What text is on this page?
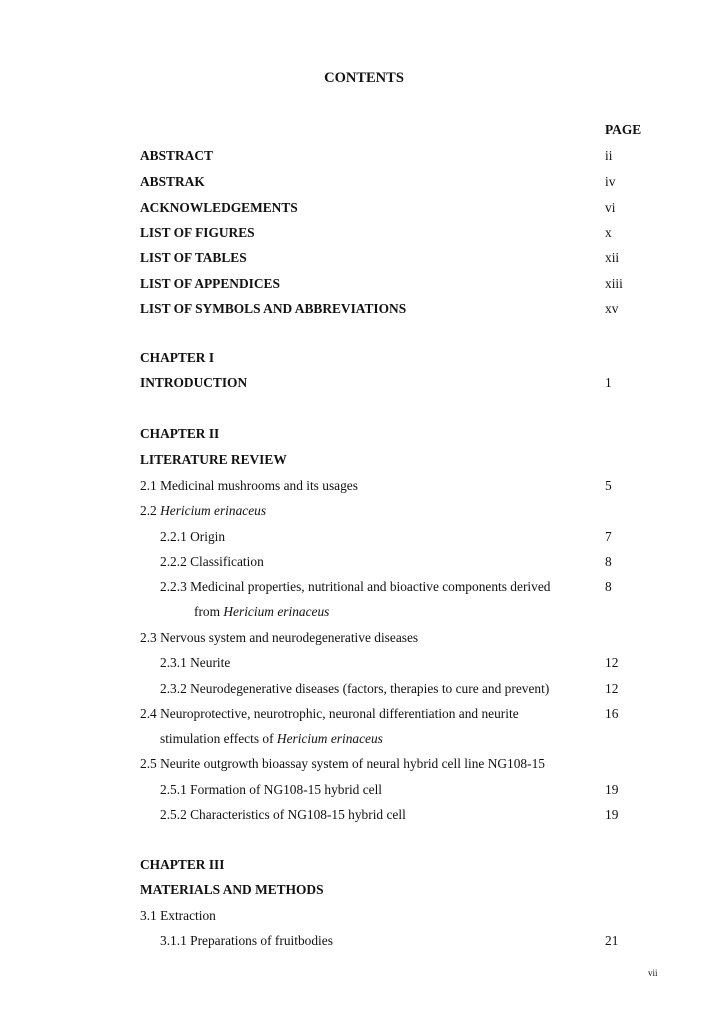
CONTENTS
PAGE
ABSTRACT	ii
ABSTRAK	iv
ACKNOWLEDGEMENTS	vi
LIST OF FIGURES	x
LIST OF TABLES	xii
LIST OF APPENDICES	xiii
LIST OF SYMBOLS AND ABBREVIATIONS	xv
CHAPTER I
INTRODUCTION	1
CHAPTER II
LITERATURE REVIEW
2.1 Medicinal mushrooms and its usages	5
2.2 Hericium erinaceus
2.2.1 Origin	7
2.2.2 Classification	8
2.2.3 Medicinal properties, nutritional and bioactive components derived	8
from Hericium erinaceus
2.3 Nervous system and neurodegenerative diseases
2.3.1 Neurite	12
2.3.2 Neurodegenerative diseases (factors, therapies to cure and prevent)	12
2.4 Neuroprotective, neurotrophic, neuronal differentiation and neurite	16
stimulation effects of Hericium erinaceus
2.5 Neurite outgrowth bioassay system of neural hybrid cell line NG108-15
2.5.1 Formation of NG108-15 hybrid cell	19
2.5.2 Characteristics of NG108-15 hybrid cell	19
CHAPTER III
MATERIALS AND METHODS
3.1 Extraction
3.1.1 Preparations of fruitbodies	21
vii
